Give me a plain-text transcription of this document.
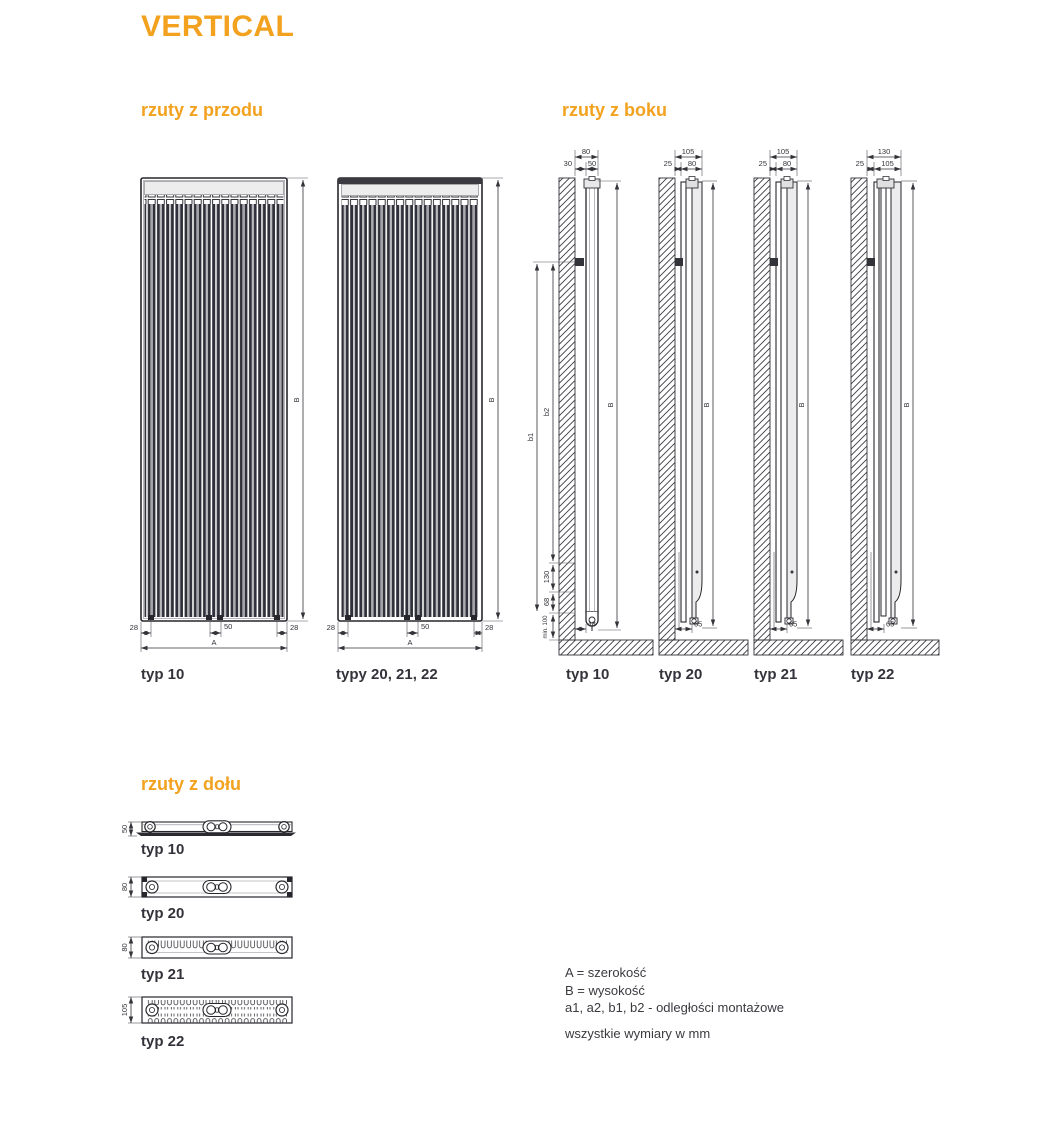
VERTICAL
rzuty z przodu	rzuty z boku
rzuty z dołu
typ 10	typy 20, 21, 22	typ 10	typ 20	typ 21	typ 22
typ 10
typ 20
typ 21
typ 22
A = szerokość
B = wysokość
a1, a2, b1, b2 - odległości montażowe
wszystkie wymiary w mm
B
28	50	28
A
B
28	50	28
A
80
30 50
B
b2
b1
130
68
min. 100	48
105
25 80
B
65
105
25 80
B
65
130
25 105
B
65
50
80
80
105
